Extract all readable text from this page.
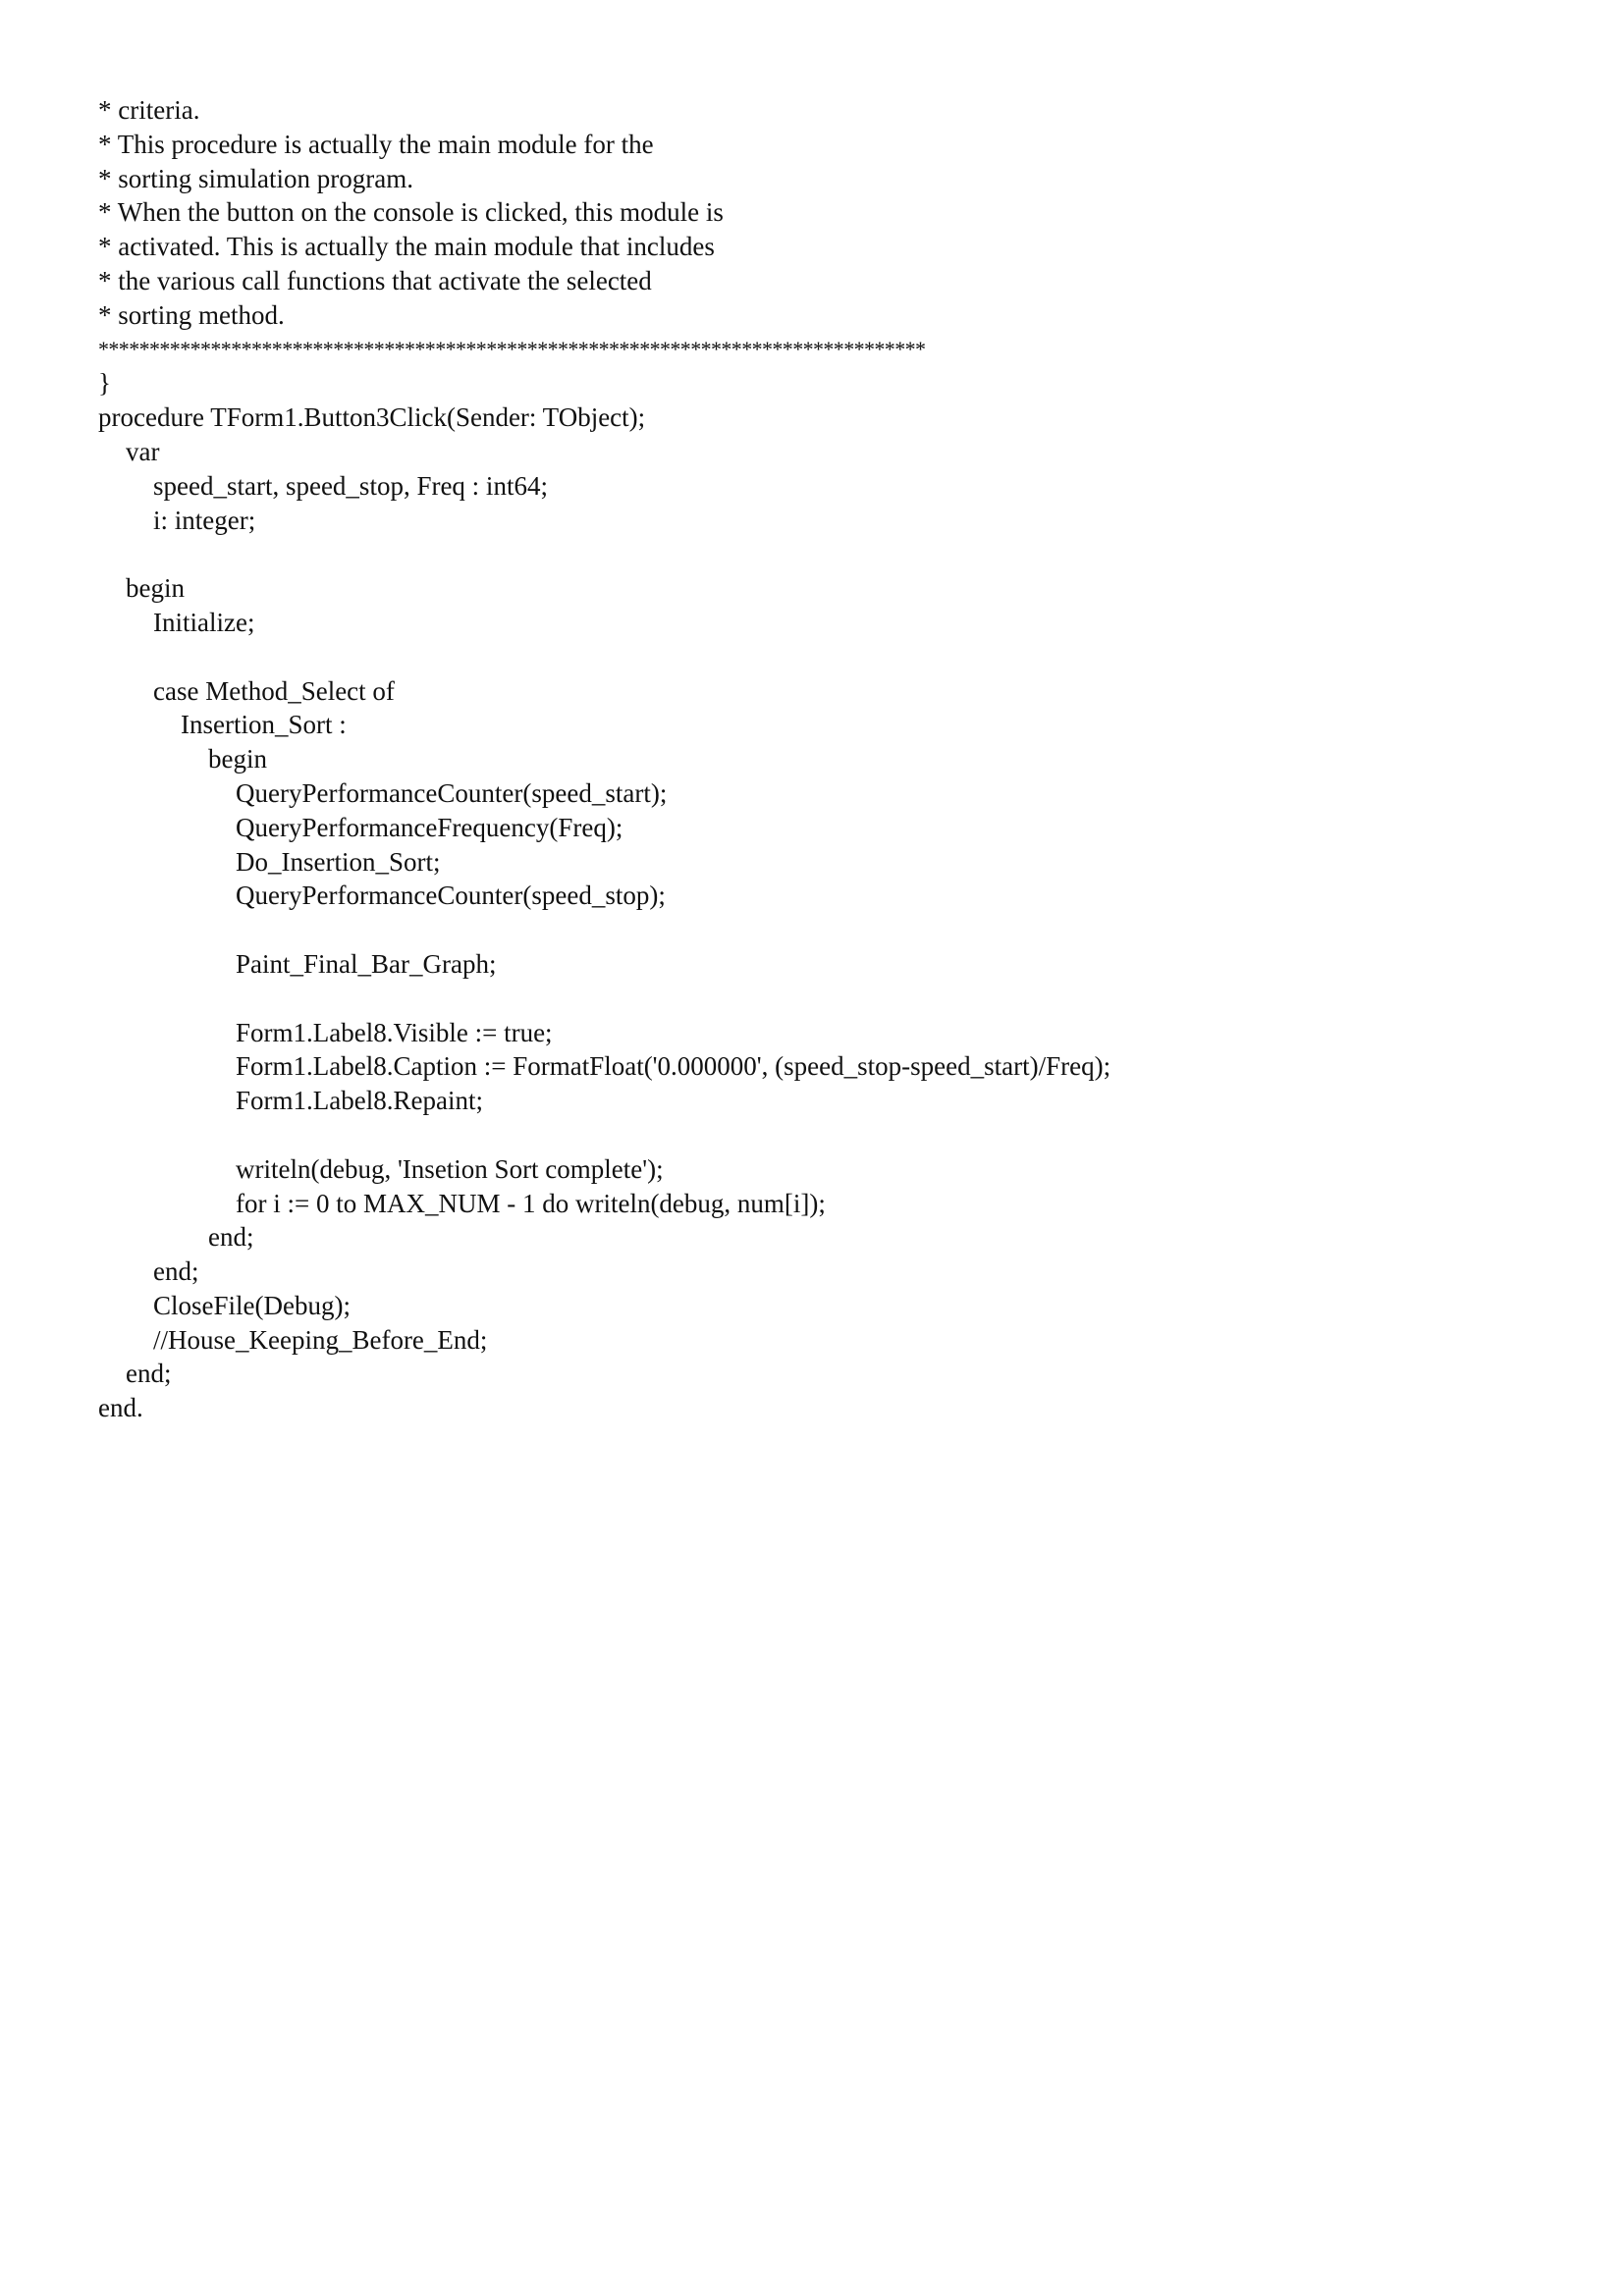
* criteria.
* This procedure is actually the main module for the
* sorting simulation program.
* When the button on the console is clicked, this module is
* activated. This is actually the main module that includes
* the various call functions that activate the selected
* sorting method.
*********************************************************************************
}
procedure TForm1.Button3Click(Sender: TObject);
var
speed_start, speed_stop, Freq : int64;
i: integer;
begin
Initialize;
case Method_Select of
Insertion_Sort :
begin
QueryPerformanceCounter(speed_start);
QueryPerformanceFrequency(Freq);
Do_Insertion_Sort;
QueryPerformanceCounter(speed_stop);
Paint_Final_Bar_Graph;
Form1.Label8.Visible := true;
Form1.Label8.Caption := FormatFloat('0.000000', (speed_stop-speed_start)/Freq);
Form1.Label8.Repaint;
writeln(debug, 'Insetion Sort complete');
for i := 0 to MAX_NUM - 1 do writeln(debug, num[i]);
end;
end;
CloseFile(Debug);
//House_Keeping_Before_End;
end;
end.
